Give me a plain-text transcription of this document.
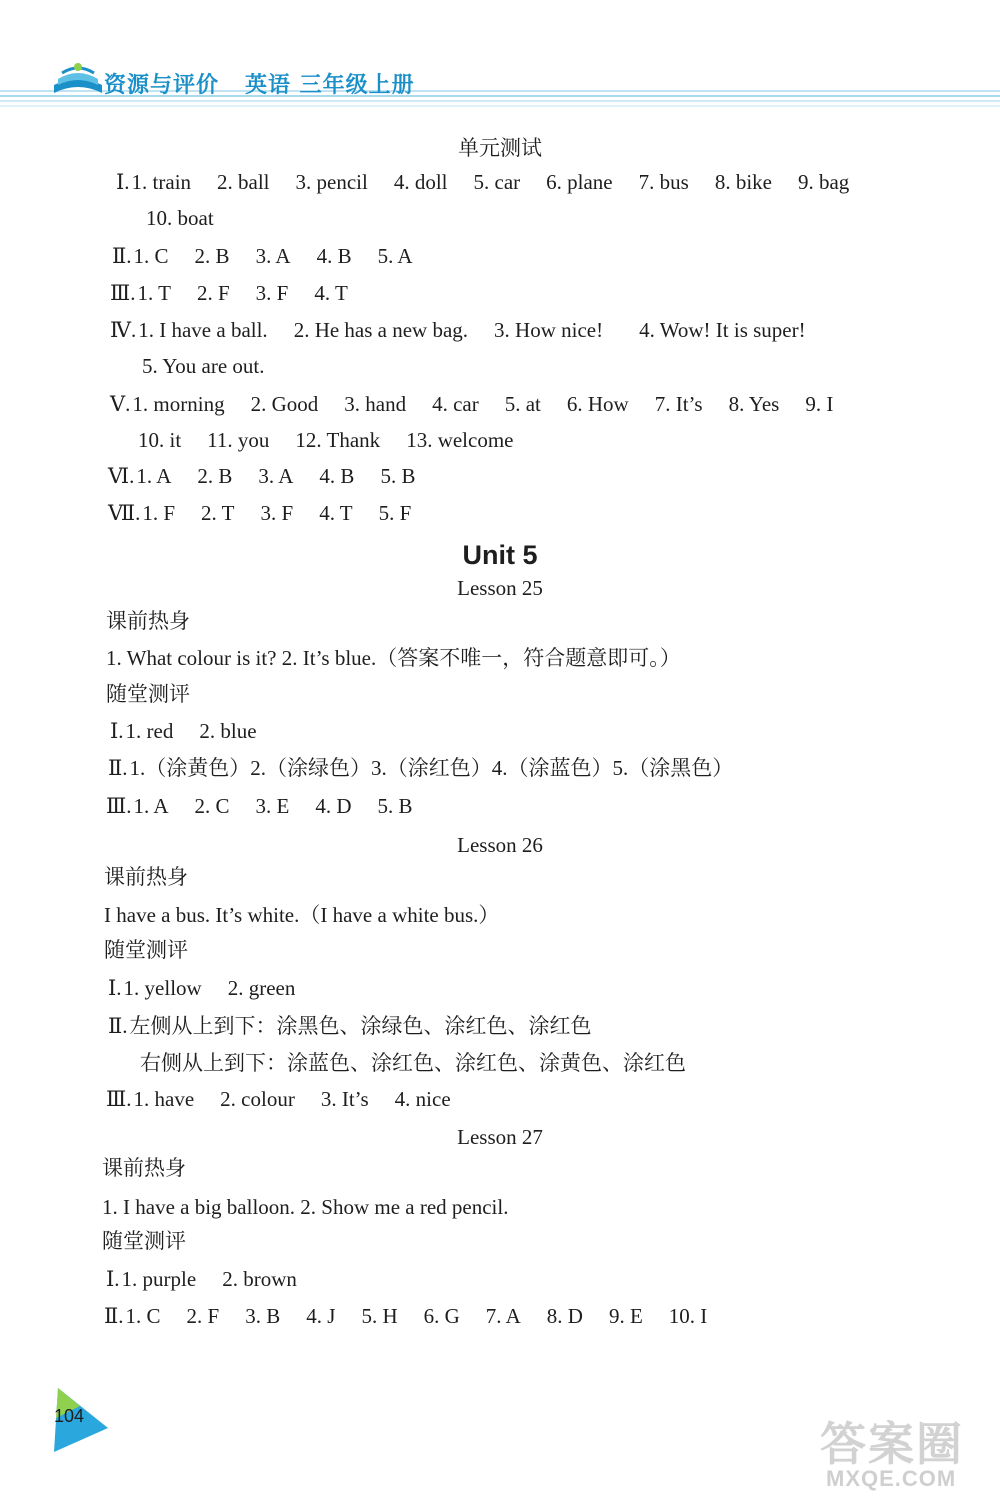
资源与评价 英语 三年级上册
单元测试
Ⅰ.1. train 2. ball 3. pencil 4. doll 5. car 6. plane 7. bus 8. bike 9. bag
10. boat
Ⅱ.1. C 2. B 3. A 4. B 5. A
Ⅲ.1. T 2. F 3. F 4. T
Ⅳ.1. I have a ball. 2. He has a new bag. 3. How nice! 4. Wow! It is super!
5. You are out.
Ⅴ.1. morning 2. Good 3. hand 4. car 5. at 6. How 7. It’s 8. Yes 9. I
10. it 11. you 12. Thank 13. welcome
Ⅵ.1. A 2. B 3. A 4. B 5. B
Ⅶ.1. F 2. T 3. F 4. T 5. F
Unit 5
Lesson 25
课前热身
1. What colour is it? 2. It’s blue.（答案不唯一，符合题意即可。）
随堂测评
Ⅰ.1. red 2. blue
Ⅱ.1.（涂黄色）2.（涂绿色）3.（涂红色）4.（涂蓝色）5.（涂黑色）
Ⅲ.1. A 2. C 3. E 4. D 5. B
Lesson 26
课前热身
I have a bus. It’s white.（I have a white bus.）
随堂测评
Ⅰ.1. yellow 2. green
Ⅱ.左侧从上到下：涂黑色、涂绿色、涂红色、涂红色
右侧从上到下：涂蓝色、涂红色、涂红色、涂黄色、涂红色
Ⅲ.1. have 2. colour 3. It’s 4. nice
Lesson 27
课前热身
1. I have a big balloon. 2. Show me a red pencil.
随堂测评
Ⅰ.1. purple 2. brown
Ⅱ.1. C 2. F 3. B 4. J 5. H 6. G 7. A 8. D 9. E 10. I
104
答案圈
MXQE.COM
